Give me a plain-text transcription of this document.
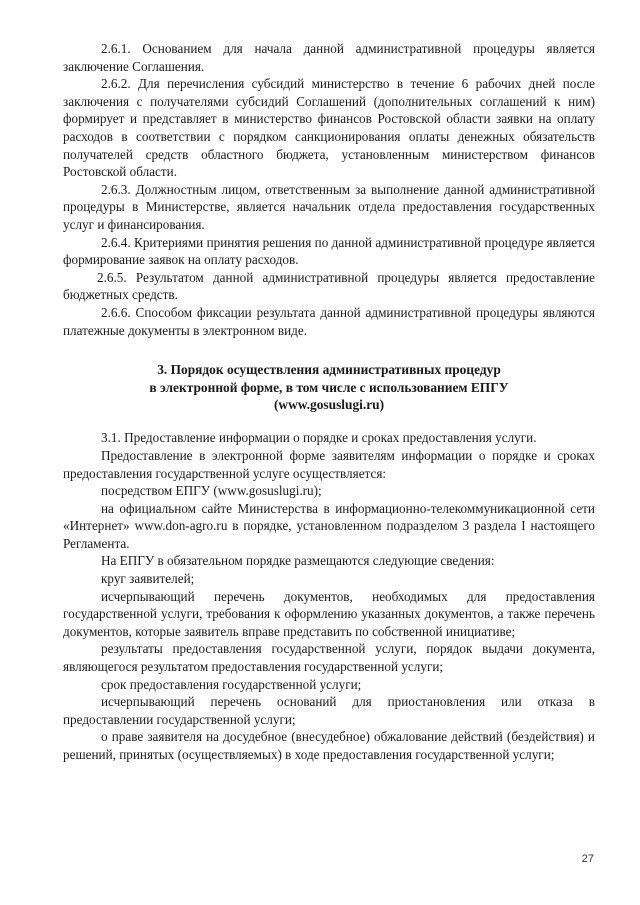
2.6.1. Основанием для начала данной административной процедуры является заключение Соглашения.

2.6.2. Для перечисления субсидий министерство в течение 6 рабочих дней после заключения с получателями субсидий Соглашений (дополнительных соглашений к ним) формирует и представляет в министерство финансов Ростовской области заявки на оплату расходов в соответствии с порядком санкционирования оплаты денежных обязательств получателей средств областного бюджета, установленным министерством финансов Ростовской области.

2.6.3. Должностным лицом, ответственным за выполнение данной административной процедуры в Министерстве, является начальник отдела предоставления государственных услуг и финансирования.

2.6.4. Критериями принятия решения по данной административной процедуре является формирование заявок на оплату расходов.

2.6.5. Результатом данной административной процедуры является предоставление бюджетных средств.

2.6.6. Способом фиксации результата данной административной процедуры являются платежные документы в электронном виде.

3. Порядок осуществления административных процедур
в электронной форме, в том числе с использованием ЕПГУ
(www.gosuslugi.ru)

3.1. Предоставление информации о порядке и сроках предоставления услуги.

Предоставление в электронной форме заявителям информации о порядке и сроках предоставления государственной услуге осуществляется:

посредством ЕПГУ (www.gosuslugi.ru);

на официальном сайте Министерства в информационно-телекоммуникационной сети «Интернет» www.don-agro.ru в порядке, установленном подразделом 3 раздела I настоящего Регламента.

На ЕПГУ в обязательном порядке размещаются следующие сведения:

круг заявителей;

исчерпывающий перечень документов, необходимых для предоставления государственной услуги, требования к оформлению указанных документов, а также перечень документов, которые заявитель вправе представить по собственной инициативе;

результаты предоставления государственной услуги, порядок выдачи документа, являющегося результатом предоставления государственной услуги;

срок предоставления государственной услуги;

исчерпывающий перечень оснований для приостановления или отказа в предоставлении государственной услуги;

о праве заявителя на досудебное (внесудебное) обжалование действий (бездействия) и решений, принятых (осуществляемых) в ходе предоставления государственной услуги;

27
